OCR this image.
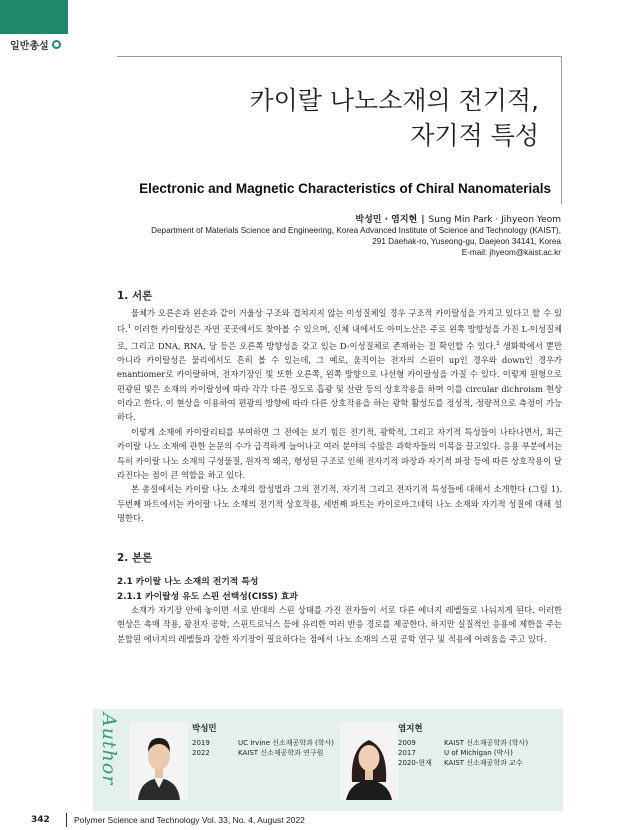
일반총설
카이랄 나노소재의 전기적,
자기적 특성
Electronic and Magnetic Characteristics of Chiral Nanomaterials
박성민 · 염지현 | Sung Min Park · Jihyeon Yeom
Department of Materials Science and Engineering, Korea Advanced Institute of Science and Technology (KAIST),
291 Daehak-ro, Yuseong-gu, Daejeon 34141, Korea
E-mail: jhyeom@kaist.ac.kr
1. 서론

물체가 오른손과 왼손과 같이 거울상 구조와 겹쳐지지 않는 이성질체일 경우 구조적 카이랄성을 가지고 있다고 할 수 있다.$^1$ 이러한 카이랄성은 자연 곳곳에서도 찾아볼 수 있으며, 신체 내에서도 아미노산은 주로 왼쪽 방향성을 가진 L-이성질체로, 그리고 DNA, RNA, 당 등은 오른쪽 방향성을 갖고 있는 D-이성질체로 존재하는 걸 확인할 수 있다.$^2$ 생화학에서 뿐만 아니라 카이랄성은 물리에서도 흔히 볼 수 있는데, 그 예로, 움직이는 전자의 스핀이 up인 경우와 down인 경우가 enantiomer로 카이랄하며, 전자기장인 빛 또한 오른쪽, 왼쪽 방향으로 나선형 카이랄성을 가질 수 있다. 이렇게 원형으로 편광된 빛은 소재의 카이랄성에 따라 각각 다른 정도로 흡광 및 산란 등의 상호작용을 하며 이를 circular dichroism 현상이라고 한다. 이 현상을 이용하여 편광의 방향에 따라 다른 상호작용을 하는 광학 활성도를 정성적, 정량적으로 측정이 가능하다.

이렇게 소재에 카이랄리티를 부여하면 그 전에는 보기 힘든 전기적, 광학적, 그리고 자기적 특성들이 나타나면서, 최근 카이랄 나노 소재에 관한 논문의 수가 급격하게 늘어나고 여러 분야의 수많은 과학자들의 이목을 끌고있다. 응용 부분에서는 특히 카이랄 나노 소재의 구성물질, 원자적 왜곡, 형성된 구조로 인해 전자기적 파장과 자기적 파장 등에 따른 상호작용이 달라진다는 점이 큰 역할을 하고 있다.

본 총설에서는 카이랄 나노 소재의 합성법과 그의 전기적, 자기적 그리고 전자기적 특성들에 대해서 소개한다 (그림 1). 두번째 파트에서는 카이랄 나노 소재의 전기적 상호작용, 세번째 파트는 카이로마그네틱 나노 소재와 자기적 성질에 대해 설명한다.

2. 본론
2.1 카이랄 나노 소재의 전기적 특성
2.1.1 카이랄성 유도 스핀 선택성(CISS) 효과

소재가 자기장 안에 놓이면 서로 반대의 스핀 상태를 가진 전자들이 서로 다른 에너지 레벨들로 나눠지게 된다. 이러한 현상은 촉매 작용, 광전자 공학, 스핀트로닉스 등에 유리한 여러 반응 경로를 제공한다. 하지만 실질적인 응용에 제한을 주는 분할된 에너지의 레벨들과 강한 자기장이 필요하다는 점에서 나노 소재의 스핀 공학 연구 및 적용에 어려움을 주고 있다.

Author	박성민
2019	UC Irvine 신소재공학과 (학사)
2022	KAIST 신소재공학과 연구원
염지현
2009	KAIST 신소재공학과 (학사)
2017	U of Michigan (박사)
2020-현재	KAIST 신소재공학과 교수
342	Polymer Science and Technology Vol. 33, No. 4, August 2022
